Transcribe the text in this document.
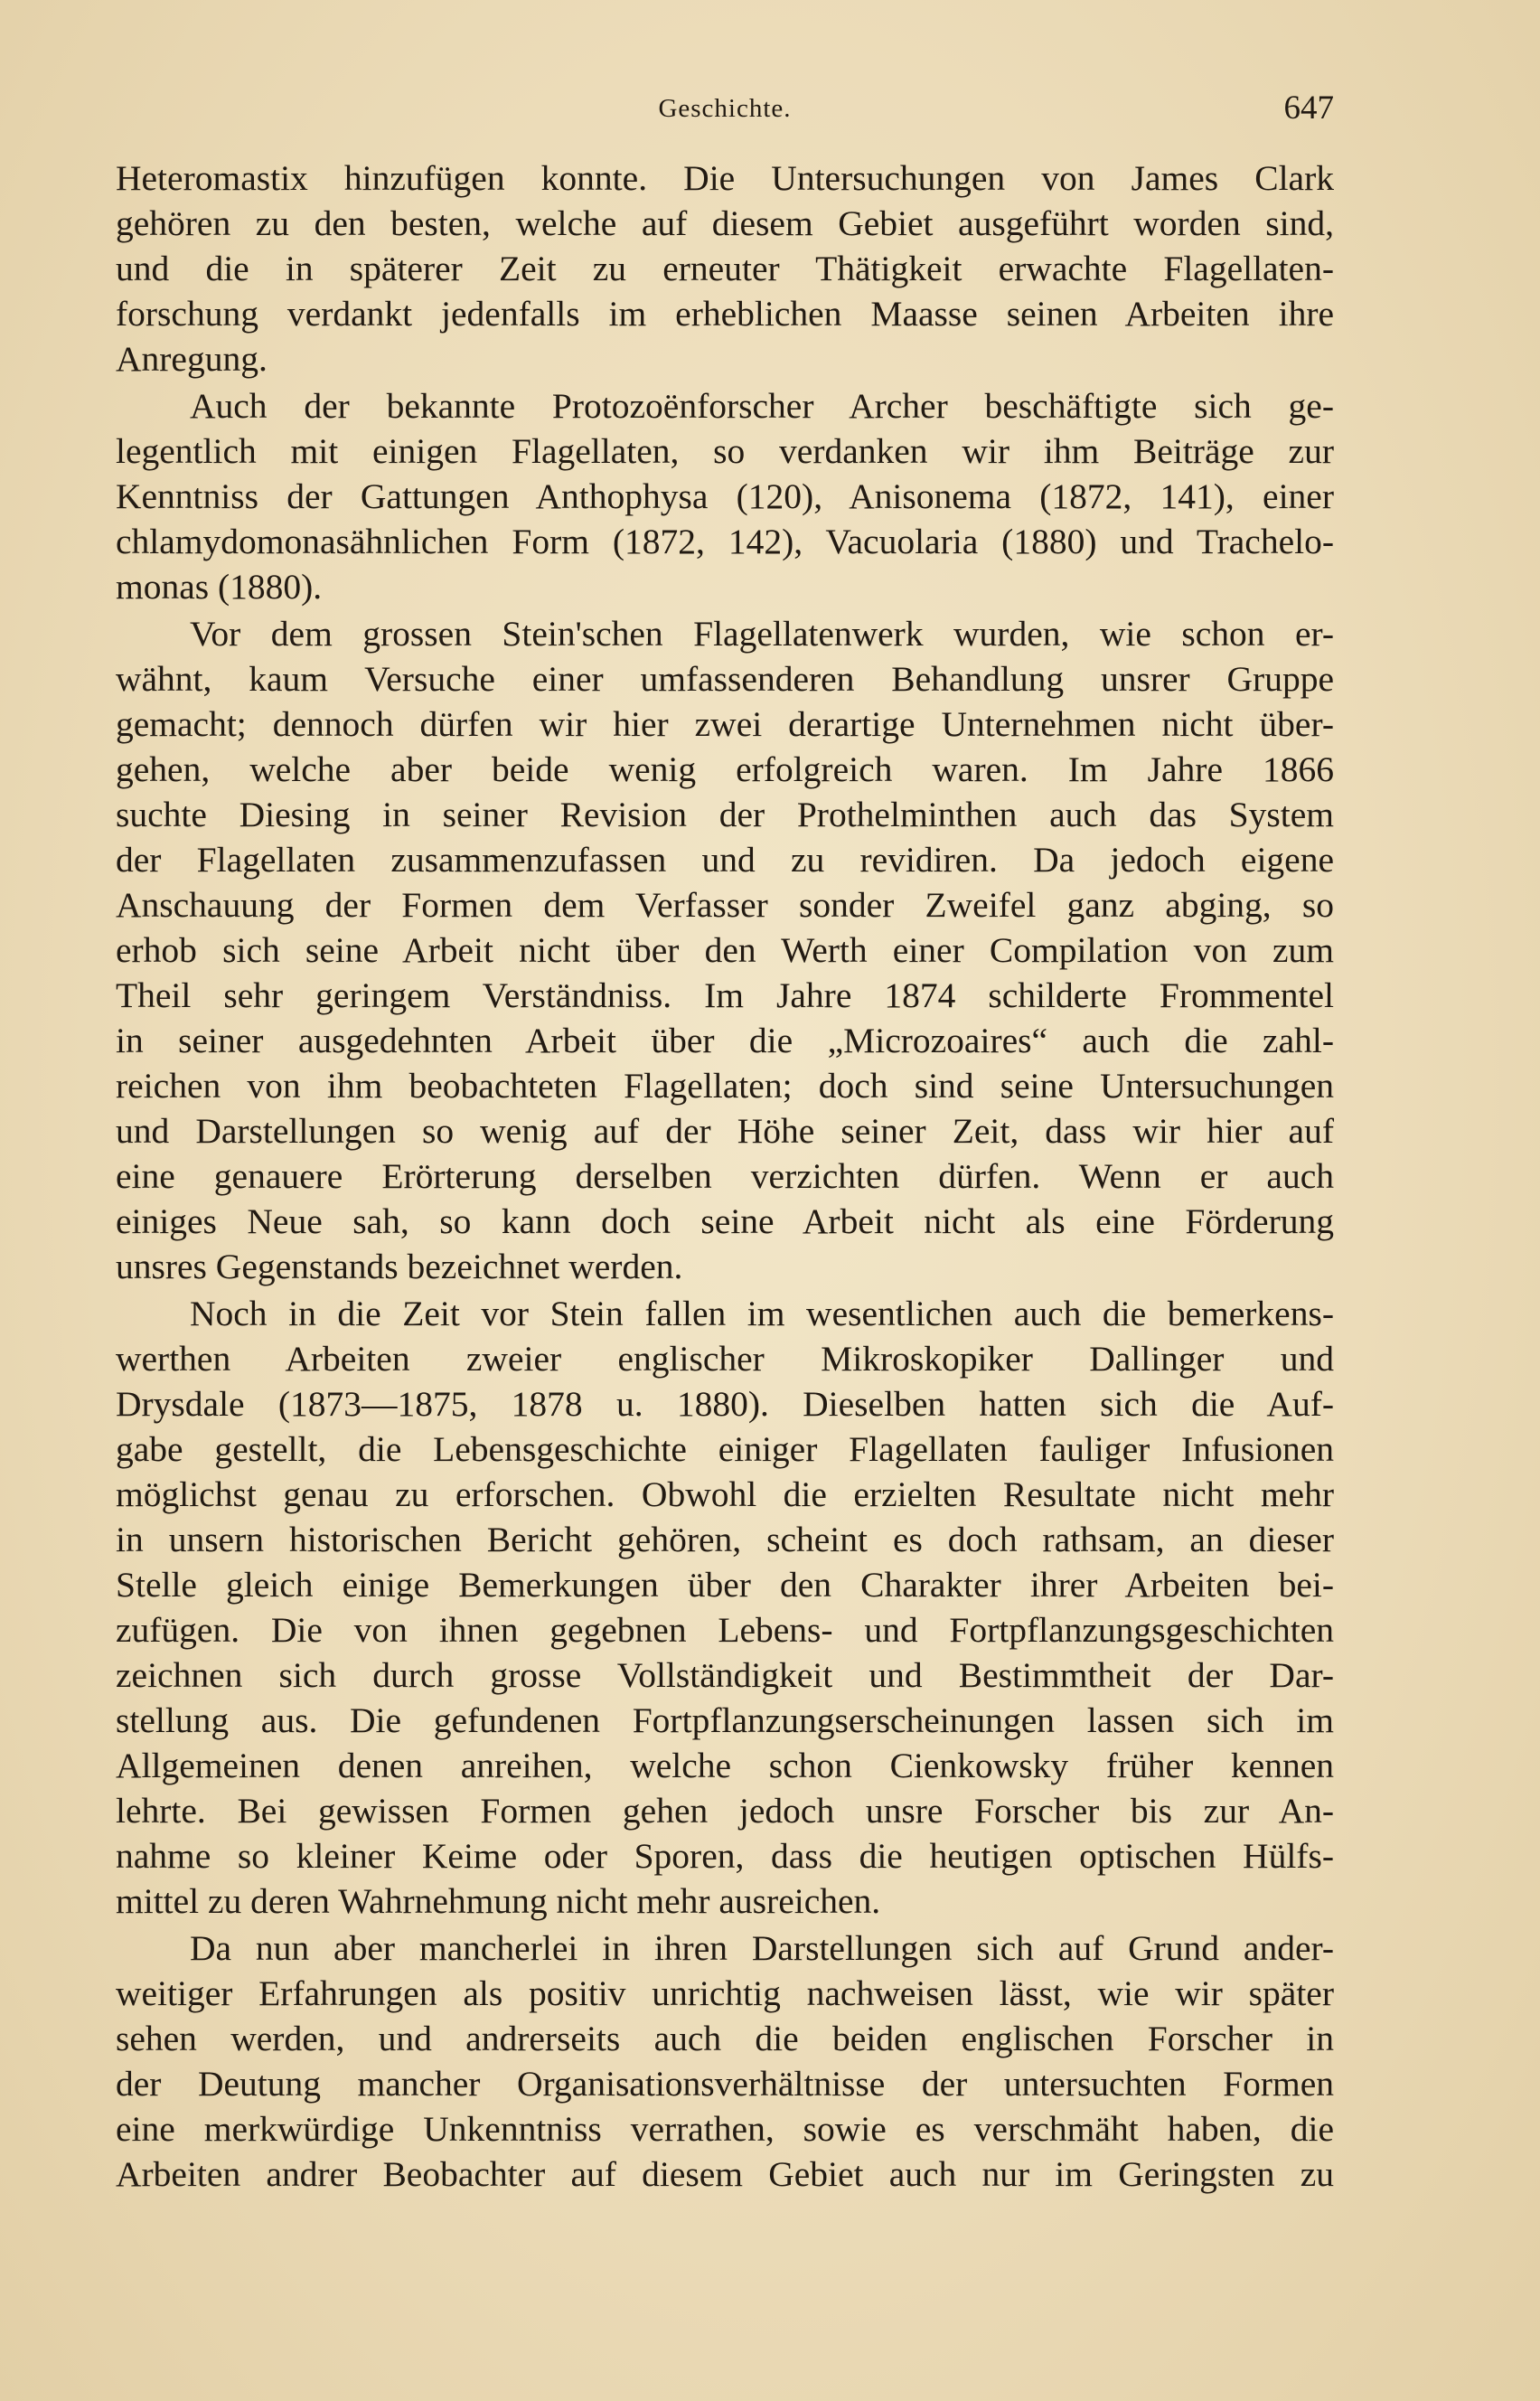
Geschichte.	647

Heteromastix hinzufügen konnte. Die Untersuchungen von James Clark
gehören zu den besten, welche auf diesem Gebiet ausgeführt worden sind,
und die in späterer Zeit zu erneuter Thätigkeit erwachte Flagellaten-
forschung verdankt jedenfalls im erheblichen Maasse seinen Arbeiten ihre
Anregung.

Auch der bekannte Protozoënforscher Archer beschäftigte sich ge-
legentlich mit einigen Flagellaten, so verdanken wir ihm Beiträge zur
Kenntniss der Gattungen Anthophysa (120), Anisonema (1872, 141), einer
chlamydomonasähnlichen Form (1872, 142), Vacuolaria (1880) und Trachelo-
monas (1880).

Vor dem grossen Stein'schen Flagellatenwerk wurden, wie schon er-
wähnt, kaum Versuche einer umfassenderen Behandlung unsrer Gruppe
gemacht; dennoch dürfen wir hier zwei derartige Unternehmen nicht über-
gehen, welche aber beide wenig erfolgreich waren. Im Jahre 1866
suchte Diesing in seiner Revision der Prothelminthen auch das System
der Flagellaten zusammenzufassen und zu revidiren. Da jedoch eigene
Anschauung der Formen dem Verfasser sonder Zweifel ganz abging, so
erhob sich seine Arbeit nicht über den Werth einer Compilation von zum
Theil sehr geringem Verständniss. Im Jahre 1874 schilderte Frommentel
in seiner ausgedehnten Arbeit über die „Microzoaires“ auch die zahl-
reichen von ihm beobachteten Flagellaten; doch sind seine Untersuchungen
und Darstellungen so wenig auf der Höhe seiner Zeit, dass wir hier auf
eine genauere Erörterung derselben verzichten dürfen. Wenn er auch
einiges Neue sah, so kann doch seine Arbeit nicht als eine Förderung
unsres Gegenstands bezeichnet werden.

Noch in die Zeit vor Stein fallen im wesentlichen auch die bemerkens-
werthen Arbeiten zweier englischer Mikroskopiker Dallinger und
Drysdale (1873—1875, 1878 u. 1880). Dieselben hatten sich die Auf-
gabe gestellt, die Lebensgeschichte einiger Flagellaten fauliger Infusionen
möglichst genau zu erforschen. Obwohl die erzielten Resultate nicht mehr
in unsern historischen Bericht gehören, scheint es doch rathsam, an dieser
Stelle gleich einige Bemerkungen über den Charakter ihrer Arbeiten bei-
zufügen. Die von ihnen gegebnen Lebens- und Fortpflanzungsgeschichten
zeichnen sich durch grosse Vollständigkeit und Bestimmtheit der Dar-
stellung aus. Die gefundenen Fortpflanzungserscheinungen lassen sich im
Allgemeinen denen anreihen, welche schon Cienkowsky früher kennen
lehrte. Bei gewissen Formen gehen jedoch unsre Forscher bis zur An-
nahme so kleiner Keime oder Sporen, dass die heutigen optischen Hülfs-
mittel zu deren Wahrnehmung nicht mehr ausreichen.

Da nun aber mancherlei in ihren Darstellungen sich auf Grund ander-
weitiger Erfahrungen als positiv unrichtig nachweisen lässt, wie wir später
sehen werden, und andrerseits auch die beiden englischen Forscher in
der Deutung mancher Organisationsverhältnisse der untersuchten Formen
eine merkwürdige Unkenntniss verrathen, sowie es verschmäht haben, die
Arbeiten andrer Beobachter auf diesem Gebiet auch nur im Geringsten zu
